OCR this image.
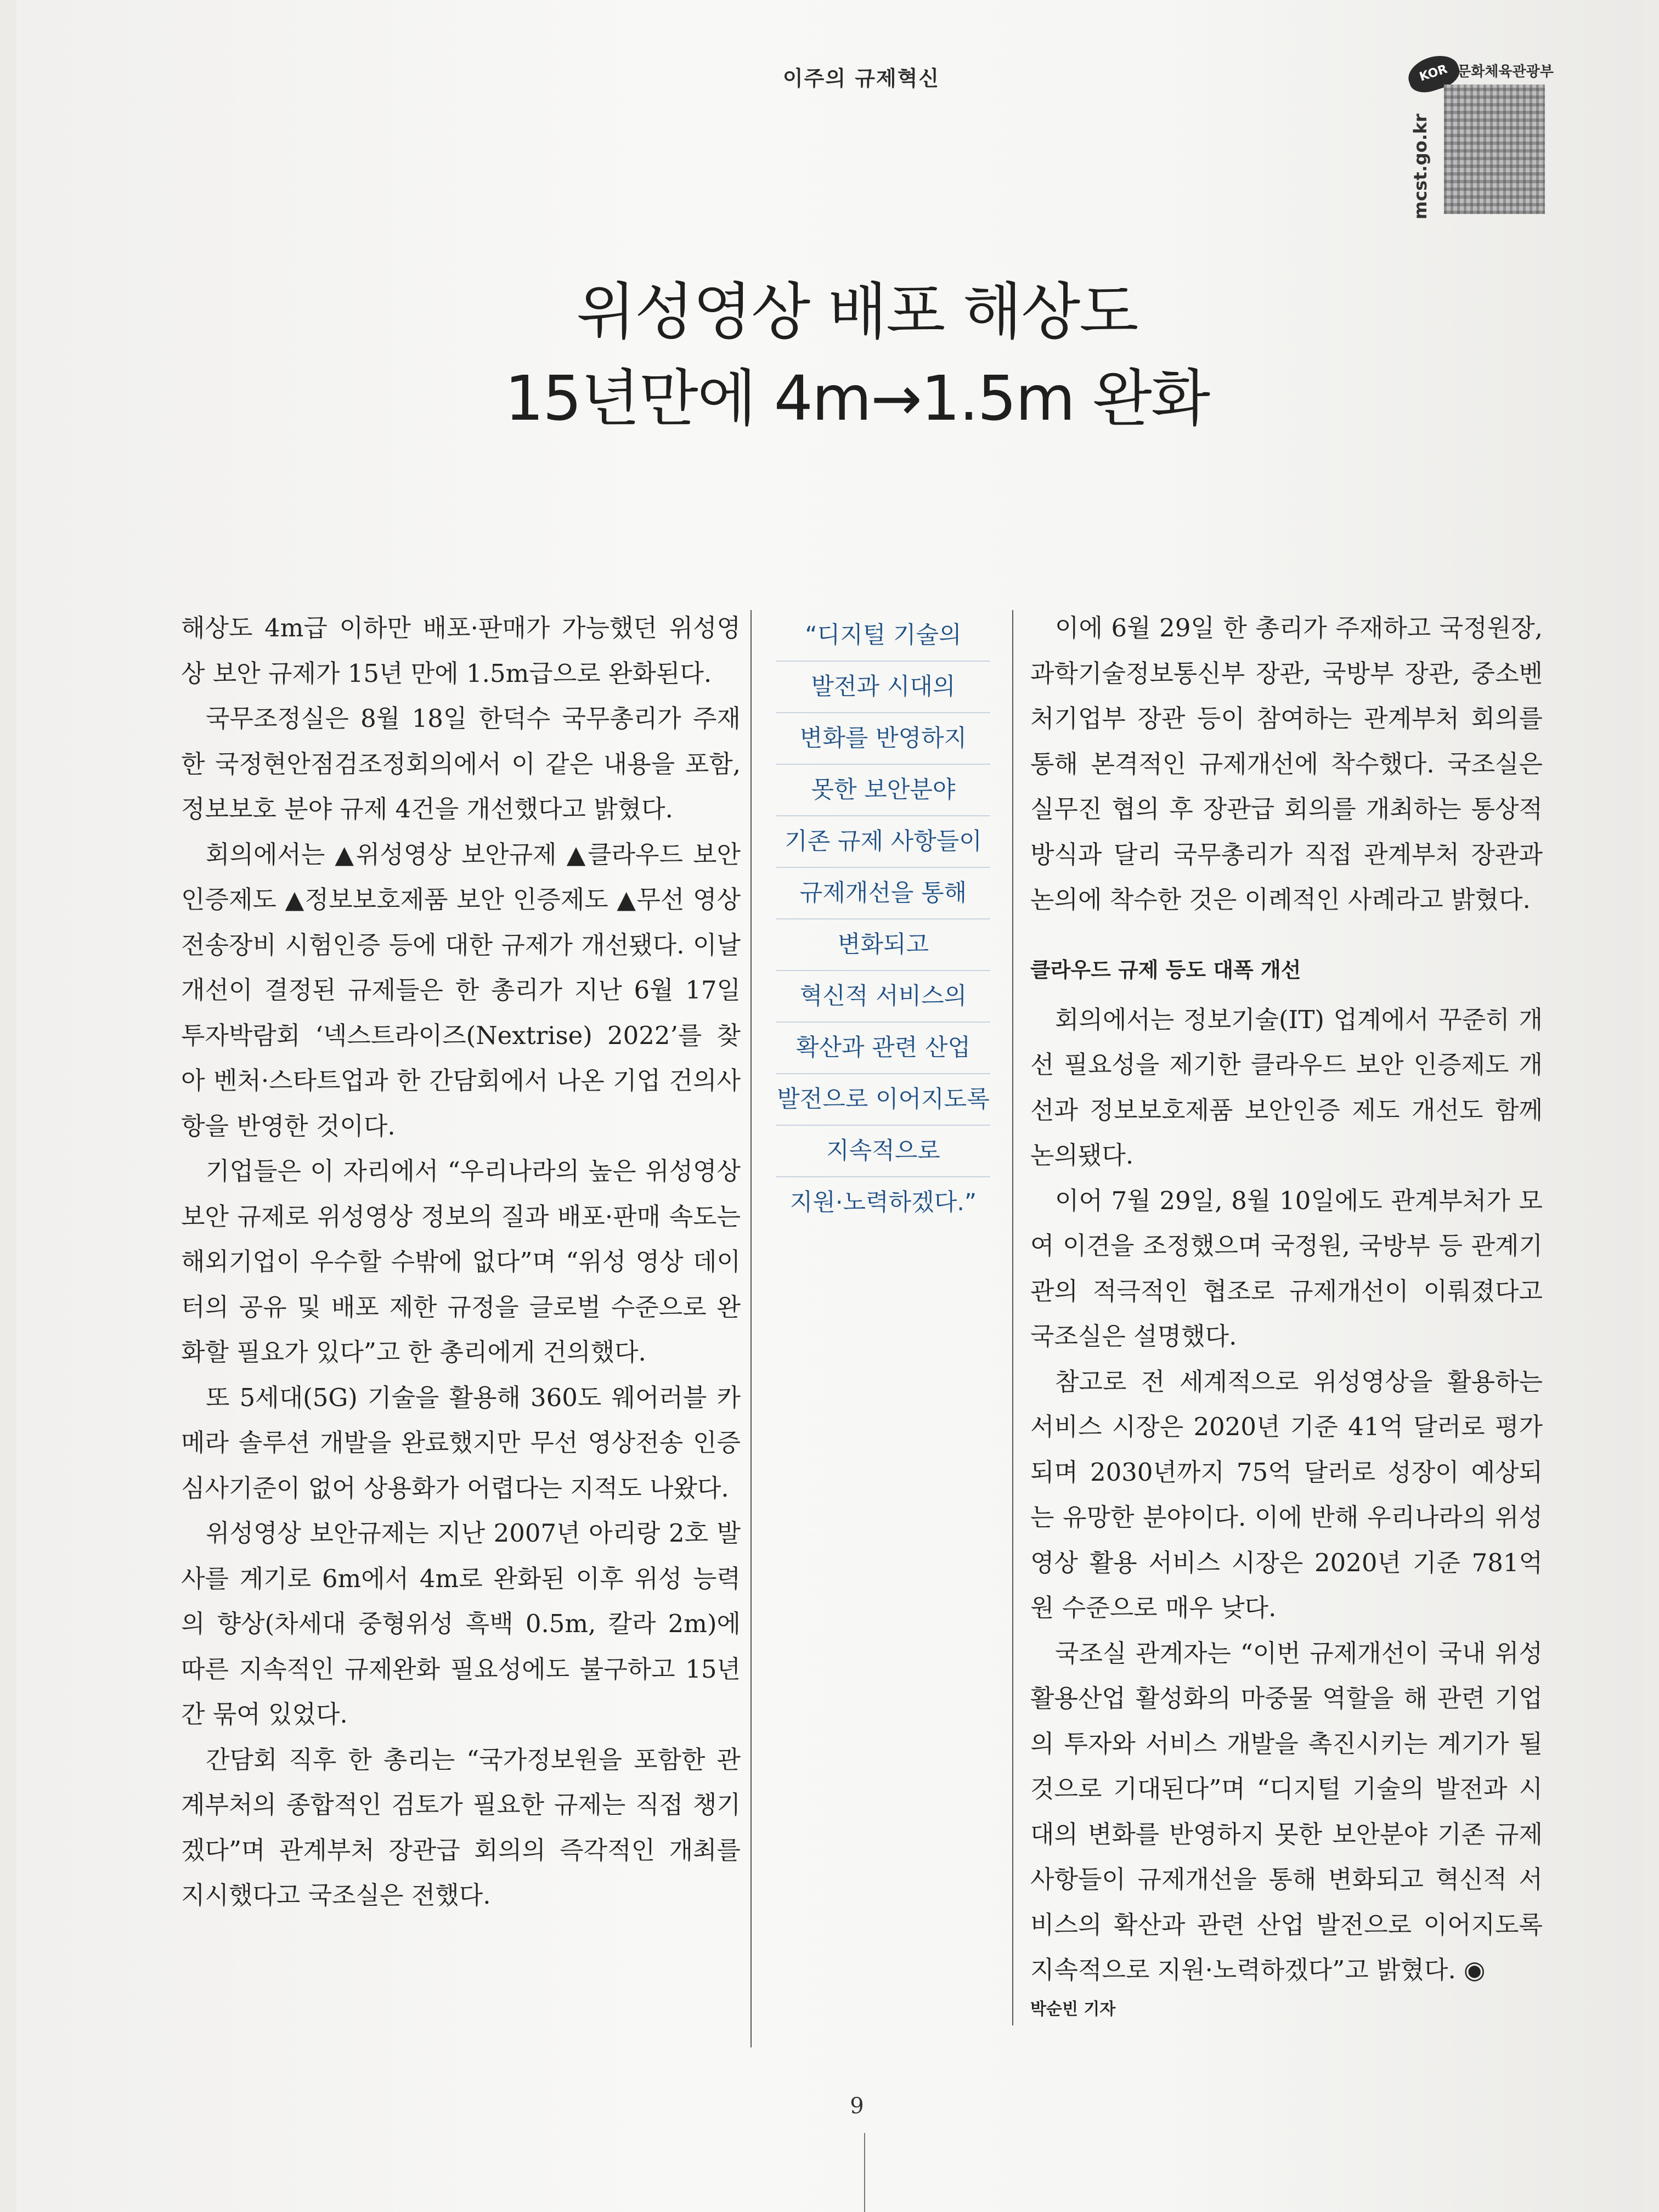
이주의 규제혁신	KOR 문화체육관광부
mcst.go.kr
위성영상 배포 해상도
15년만에 4m→1.5m 완화

해상도 4m급 이하만 배포·판매가 가능했던 위성영상 보안 규제가 15년 만에 1.5m급으로 완화된다.

국무조정실은 8월 18일 한덕수 국무총리가 주재한 국정현안점검조정회의에서 이 같은 내용을 포함, 정보보호 분야 규제 4건을 개선했다고 밝혔다.

회의에서는 ▲위성영상 보안규제 ▲클라우드 보안 인증제도 ▲정보보호제품 보안 인증제도 ▲무선 영상전송장비 시험인증 등에 대한 규제가 개선됐다. 이날 개선이 결정된 규제들은 한 총리가 지난 6월 17일 투자박람회 ‘넥스트라이즈(Nextrise) 2022’를 찾아 벤처·스타트업과 한 간담회에서 나온 기업 건의사항을 반영한 것이다.

기업들은 이 자리에서 “우리나라의 높은 위성영상 보안 규제로 위성영상 정보의 질과 배포·판매 속도는 해외기업이 우수할 수밖에 없다”며 “위성 영상 데이터의 공유 및 배포 제한 규정을 글로벌 수준으로 완화할 필요가 있다”고 한 총리에게 건의했다.

또 5세대(5G) 기술을 활용해 360도 웨어러블 카메라 솔루션 개발을 완료했지만 무선 영상전송 인증 심사기준이 없어 상용화가 어렵다는 지적도 나왔다.

위성영상 보안규제는 지난 2007년 아리랑 2호 발사를 계기로 6m에서 4m로 완화된 이후 위성 능력의 향상(차세대 중형위성 흑백 0.5m, 칼라 2m)에 따른 지속적인 규제완화 필요성에도 불구하고 15년간 묶여 있었다.

간담회 직후 한 총리는 “국가정보원을 포함한 관계부처의 종합적인 검토가 필요한 규제는 직접 챙기겠다”며 관계부처 장관급 회의의 즉각적인 개최를 지시했다고 국조실은 전했다.

“디지털 기술의
발전과 시대의
변화를 반영하지
못한 보안분야
기존 규제 사항들이
규제개선을 통해
변화되고
혁신적 서비스의
확산과 관련 산업
발전으로 이어지도록
지속적으로
지원·노력하겠다.”

이에 6월 29일 한 총리가 주재하고 국정원장, 과학기술정보통신부 장관, 국방부 장관, 중소벤처기업부 장관 등이 참여하는 관계부처 회의를 통해 본격적인 규제개선에 착수했다. 국조실은 실무진 협의 후 장관급 회의를 개최하는 통상적 방식과 달리 국무총리가 직접 관계부처 장관과 논의에 착수한 것은 이례적인 사례라고 밝혔다.

클라우드 규제 등도 대폭 개선

회의에서는 정보기술(IT) 업계에서 꾸준히 개선 필요성을 제기한 클라우드 보안 인증제도 개선과 정보보호제품 보안인증 제도 개선도 함께 논의됐다.

이어 7월 29일, 8월 10일에도 관계부처가 모여 이견을 조정했으며 국정원, 국방부 등 관계기관의 적극적인 협조로 규제개선이 이뤄졌다고 국조실은 설명했다.

참고로 전 세계적으로 위성영상을 활용하는 서비스 시장은 2020년 기준 41억 달러로 평가되며 2030년까지 75억 달러로 성장이 예상되는 유망한 분야이다. 이에 반해 우리나라의 위성영상 활용 서비스 시장은 2020년 기준 781억원 수준으로 매우 낮다.

국조실 관계자는 “이번 규제개선이 국내 위성 활용산업 활성화의 마중물 역할을 해 관련 기업의 투자와 서비스 개발을 촉진시키는 계기가 될 것으로 기대된다”며 “디지털 기술의 발전과 시대의 변화를 반영하지 못한 보안분야 기존 규제 사항들이 규제개선을 통해 변화되고 혁신적 서비스의 확산과 관련 산업 발전으로 이어지도록 지속적으로 지원·노력하겠다”고 밝혔다. ◉

박순빈 기자

9
